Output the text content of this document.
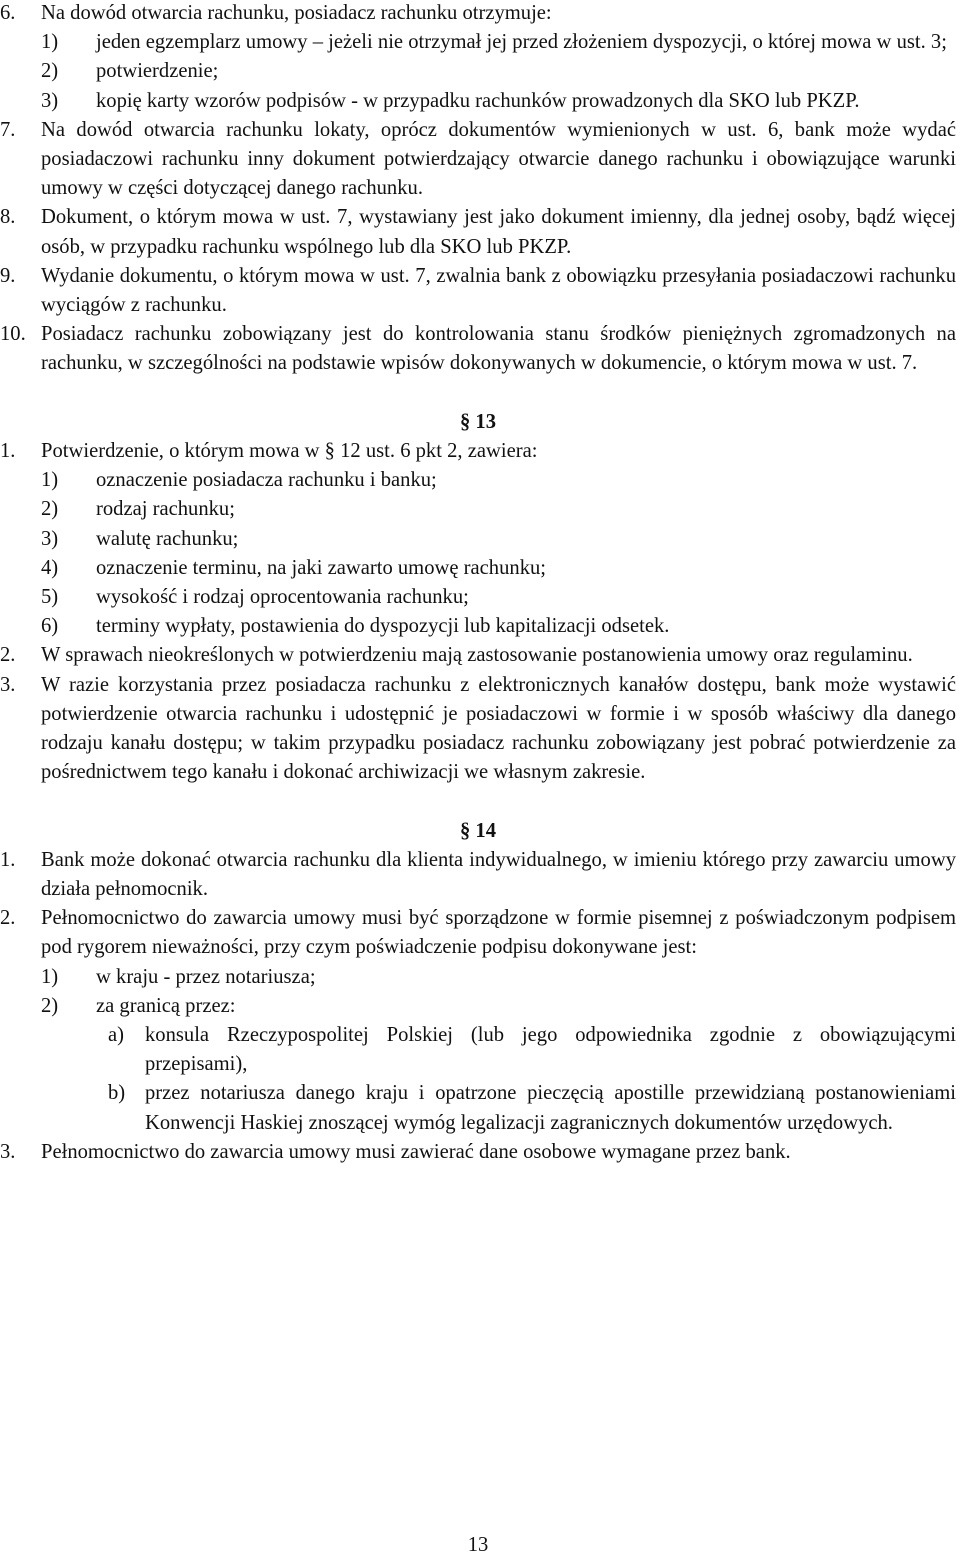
6. Na dowód otwarcia rachunku, posiadacz rachunku otrzymuje:
1) jeden egzemplarz umowy – jeżeli nie otrzymał jej przed złożeniem dyspozycji, o której mowa w ust. 3;
2) potwierdzenie;
3) kopię karty wzorów podpisów - w przypadku rachunków prowadzonych dla SKO lub PKZP.
7. Na dowód otwarcia rachunku lokaty, oprócz dokumentów wymienionych w ust. 6, bank może wydać posiadaczowi rachunku inny dokument potwierdzający otwarcie danego rachunku i obowiązujące warunki umowy w części dotyczącej danego rachunku.
8. Dokument, o którym mowa w ust. 7, wystawiany jest jako dokument imienny, dla jednej osoby, bądź więcej osób, w przypadku rachunku wspólnego lub dla SKO lub PKZP.
9. Wydanie dokumentu, o którym mowa w ust. 7, zwalnia bank z obowiązku przesyłania posiadaczowi rachunku wyciągów z rachunku.
10. Posiadacz rachunku zobowiązany jest do kontrolowania stanu środków pieniężnych zgromadzonych na rachunku, w szczególności na podstawie wpisów dokonywanych w dokumencie, o którym mowa w ust. 7.
§ 13
1. Potwierdzenie, o którym mowa w § 12 ust. 6 pkt 2, zawiera:
1) oznaczenie posiadacza rachunku i banku;
2) rodzaj rachunku;
3) walutę rachunku;
4) oznaczenie terminu, na jaki zawarto umowę rachunku;
5) wysokość i rodzaj oprocentowania rachunku;
6) terminy wypłaty, postawienia do dyspozycji lub kapitalizacji odsetek.
2. W sprawach nieokreślonych w potwierdzeniu mają zastosowanie postanowienia umowy oraz regulaminu.
3. W razie korzystania przez posiadacza rachunku z elektronicznych kanałów dostępu, bank może wystawić potwierdzenie otwarcia rachunku i udostępnić je posiadaczowi w formie i w sposób właściwy dla danego rodzaju kanału dostępu; w takim przypadku posiadacz rachunku zobowiązany jest pobrać potwierdzenie za pośrednictwem tego kanału i dokonać archiwizacji we własnym zakresie.
§ 14
1. Bank może dokonać otwarcia rachunku dla klienta indywidualnego, w imieniu którego przy zawarciu umowy działa pełnomocnik.
2. Pełnomocnictwo do zawarcia umowy musi być sporządzone w formie pisemnej z poświadczonym podpisem pod rygorem nieważności, przy czym poświadczenie podpisu dokonywane jest:
1) w kraju - przez notariusza;
2) za granicą przez:
a) konsula Rzeczypospolitej Polskiej (lub jego odpowiednika zgodnie z obowiązującymi przepisami),
b) przez notariusza danego kraju i opatrzone pieczęcią apostille przewidzianą postanowieniami Konwencji Haskiej znoszącej wymóg legalizacji zagranicznych dokumentów urzędowych.
3. Pełnomocnictwo do zawarcia umowy musi zawierać dane osobowe wymagane przez bank.
13
